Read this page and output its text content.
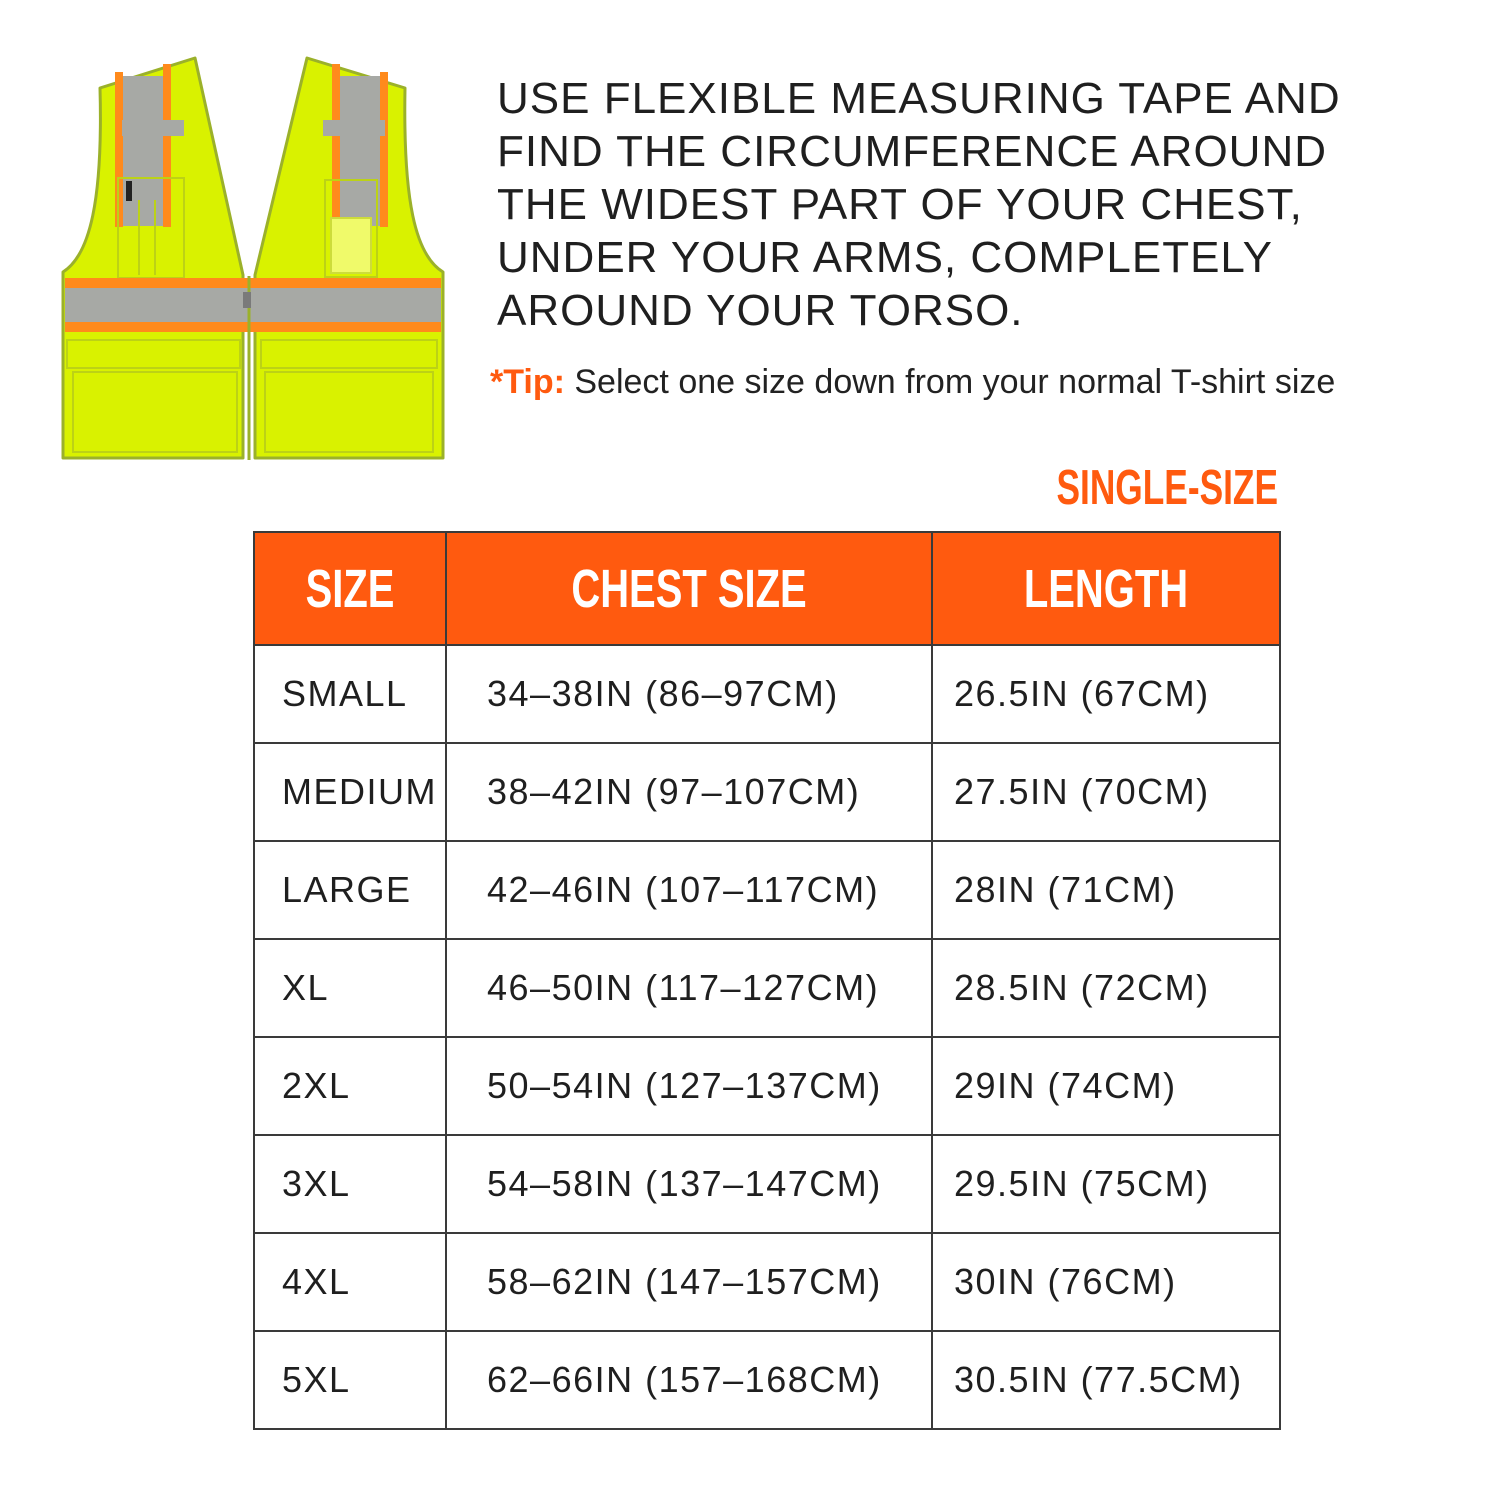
USE FLEXIBLE MEASURING TAPE AND
FIND THE CIRCUMFERENCE AROUND
THE WIDEST PART OF YOUR CHEST,
UNDER YOUR ARMS, COMPLETELY
AROUND YOUR TORSO.

*Tip: Select one size down from your normal T-shirt size

SINGLE-SIZE
SIZE	CHEST SIZE	LENGTH
SMALL	34–38IN (86–97CM)	26.5IN (67CM)
MEDIUM	38–42IN (97–107CM)	27.5IN (70CM)
LARGE	42–46IN (107–117CM)	28IN (71CM)
XL	46–50IN (117–127CM)	28.5IN (72CM)
2XL	50–54IN (127–137CM)	29IN (74CM)
3XL	54–58IN (137–147CM)	29.5IN (75CM)
4XL	58–62IN (147–157CM)	30IN (76CM)
5XL	62–66IN (157–168CM)	30.5IN (77.5CM)
